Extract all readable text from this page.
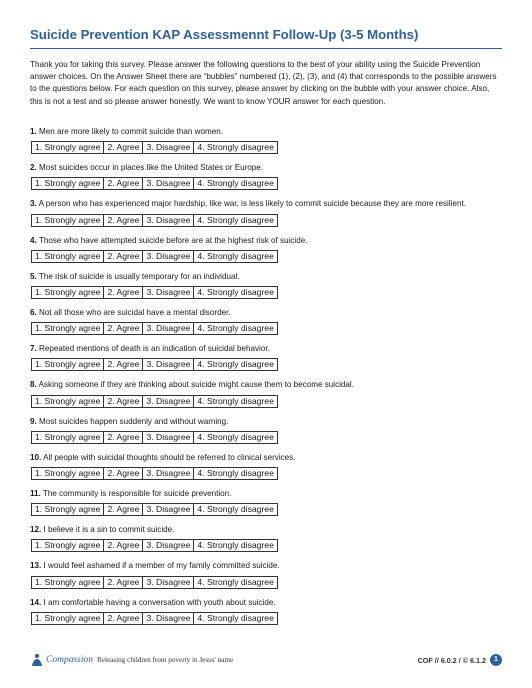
Suicide Prevention KAP Assessmennt Follow-Up (3-5 Months)
Thank you for taking this survey. Please answer the following questions to the best of your ability using the Suicide Prevention answer choices. On the Answer Sheet there are “bubbles” numbered (1), (2), (3), and (4) that corresponds to the possible answers to the questions below. For each question on this survey, please answer by clicking on the bubble with your answer choice. Also, this is not a test and so please answer honestly. We want to know YOUR answer for each question.

1. Men are more likely to commit suicide than women.

1. Strongly agree 2. Agree 3. Disagree 4. Strongly disagree

2. Most suicides occur in places like the United States or Europe.

1. Strongly agree 2. Agree 3. Disagree 4. Strongly disagree

3. A person who has experienced major hardship, like war, is less likely to commit suicide because they are more resilient.

1. Strongly agree 2. Agree 3. Disagree 4. Strongly disagree

4. Those who have attempted suicide before are at the highest risk of suicide.

1. Strongly agree 2. Agree 3. Disagree 4. Strongly disagree

5. The risk of suicide is usually temporary for an individual.

1. Strongly agree 2. Agree 3. Disagree 4. Strongly disagree

6. Not all those who are suicidal have a mental disorder.

1. Strongly agree 2. Agree 3. Disagree 4. Strongly disagree

7. Repeated mentions of death is an indication of suicidal behavior.

1. Strongly agree 2. Agree 3. Disagree 4. Strongly disagree

8. Asking someone if they are thinking about suicide might cause them to become suicidal.

1. Strongly agree 2. Agree 3. Disagree 4. Strongly disagree

9. Most suicides happen suddenly and without warning.

1. Strongly agree 2. Agree 3. Disagree 4. Strongly disagree

10. All people with suicidal thoughts should be referred to clinical services.

1. Strongly agree 2. Agree 3. Disagree 4. Strongly disagree

11. The community is responsible for suicide prevention.

1. Strongly agree 2. Agree 3. Disagree 4. Strongly disagree

12. I believe it is a sin to commit suicide.

1. Strongly agree 2. Agree 3. Disagree 4. Strongly disagree

13. I would feel ashamed if a member of my family committed suicide.

1. Strongly agree 2. Agree 3. Disagree 4. Strongly disagree

14. I am comfortable having a conversation with youth about suicide.

1. Strongly agree 2. Agree 3. Disagree 4. Strongly disagree
Compassion Releasing children from poverty in Jesus' name	COF // 6.0.2 / © 6.1.2	1
